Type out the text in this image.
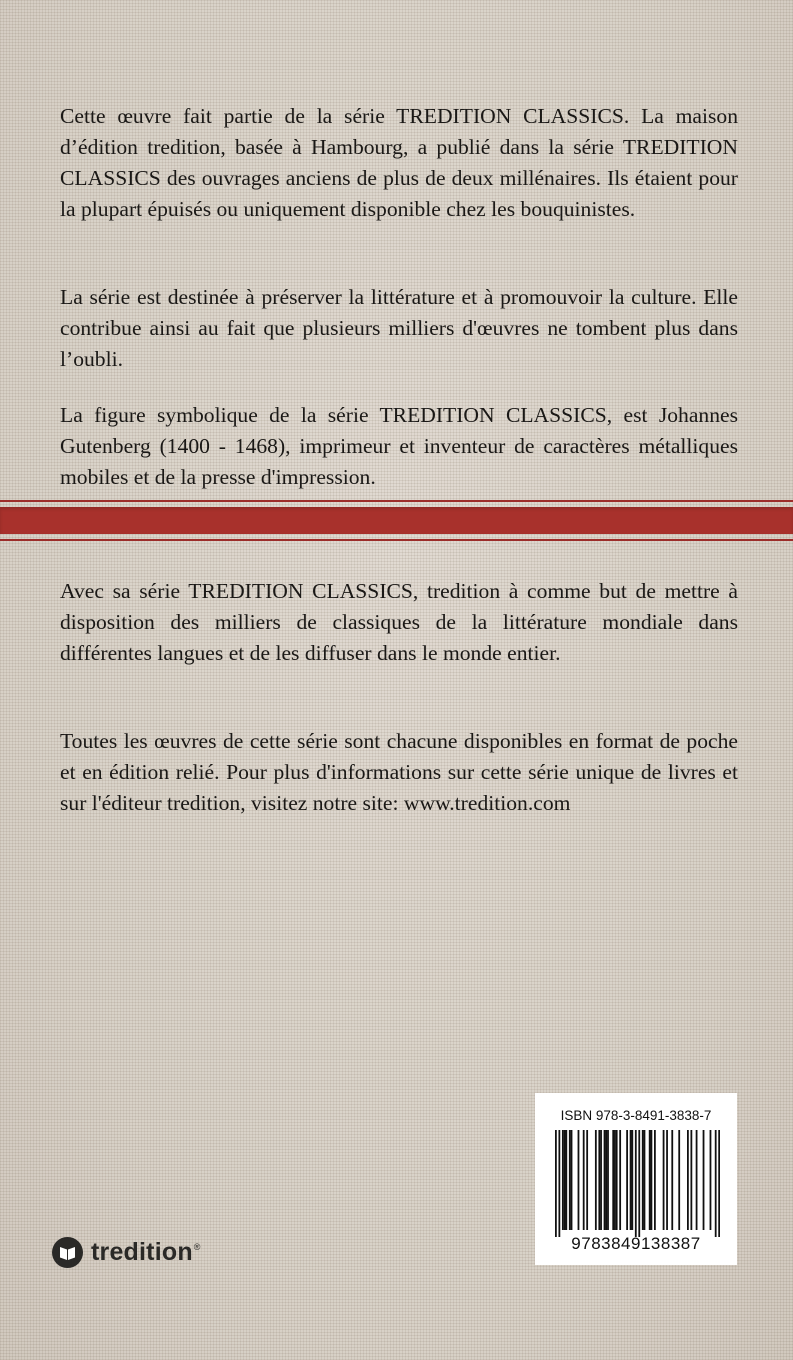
Cette œuvre fait partie de la série TREDITION CLASSICS. La maison d’édition tredition, basée à Hambourg, a publié dans la série TREDITION CLASSICS des ouvrages anciens de plus de deux millénaires. Ils étaient pour la plupart épuisés ou uniquement disponible chez les bouquinistes.

La série est destinée à préserver la littérature et à promouvoir la culture. Elle contribue ainsi au fait que plusieurs milliers d'œuvres ne tombent plus dans l’oubli.

La figure symbolique de la série TREDITION CLASSICS, est Johannes Gutenberg (1400 - 1468), imprimeur et inventeur de caractères métalliques mobiles et de la presse d'impression.

Avec sa série TREDITION CLASSICS, tredition à comme but de mettre à disposition des milliers de classiques de la littérature mondiale dans différentes langues et de les diffuser dans le monde entier.

Toutes les œuvres de cette série sont chacune disponibles en format de poche et en édition relié. Pour plus d'informations sur cette série unique de livres et sur l'éditeur tredition, visitez notre site: www.tredition.com

ISBN 978-3-8491-3838-7
9783849138387
tredition ®
